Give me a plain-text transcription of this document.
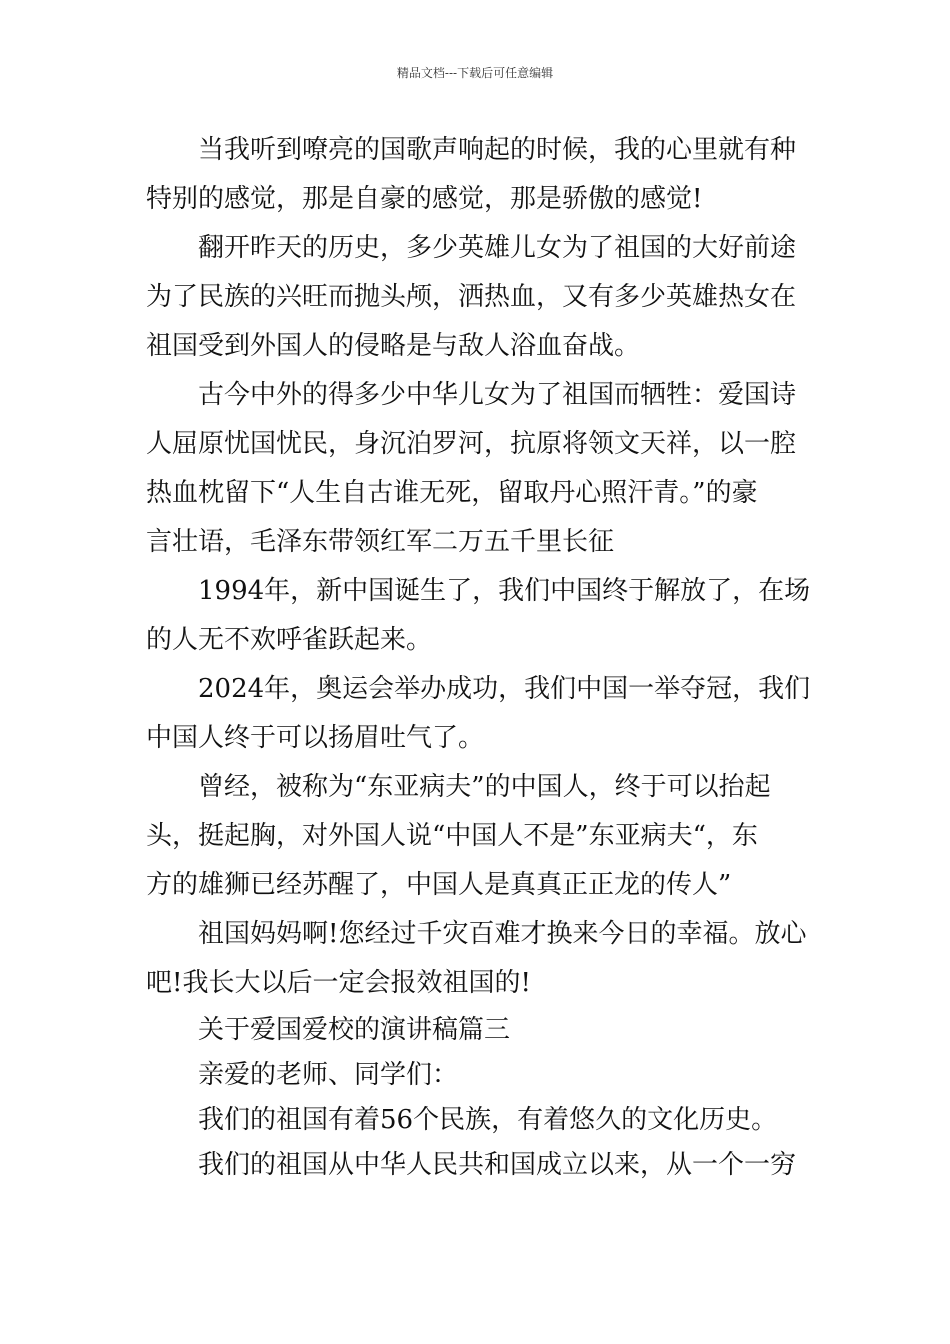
精品文档---下载后可任意编辑
当我听到嘹亮的国歌声响起的时候，我的心里就有种
特别的感觉，那是自豪的感觉，那是骄傲的感觉!
翻开昨天的历史，多少英雄儿女为了祖国的大好前途
为了民族的兴旺而抛头颅，洒热血，又有多少英雄热女在
祖国受到外国人的侵略是与敌人浴血奋战。
古今中外的得多少中华儿女为了祖国而牺牲：爱国诗
人屈原忧国忧民，身沉泊罗河，抗原将领文天祥，以一腔
热血枕留下“人生自古谁无死，留取丹心照汗青。”的豪
言壮语，毛泽东带领红军二万五千里长征
1994年，新中国诞生了，我们中国终于解放了，在场
的人无不欢呼雀跃起来。
2024年，奥运会举办成功，我们中国一举夺冠，我们
中国人终于可以扬眉吐气了。
曾经，被称为“东亚病夫”的中国人，终于可以抬起
头，挺起胸，对外国人说“中国人不是”东亚病夫“，东
方的雄狮已经苏醒了，中国人是真真正正龙的传人”
祖国妈妈啊!您经过千灾百难才换来今日的幸福。放心
吧!我长大以后一定会报效祖国的!
关于爱国爱校的演讲稿篇三
亲爱的老师、同学们：
我们的祖国有着56个民族，有着悠久的文化历史。
我们的祖国从中华人民共和国成立以来，从一个一穷
